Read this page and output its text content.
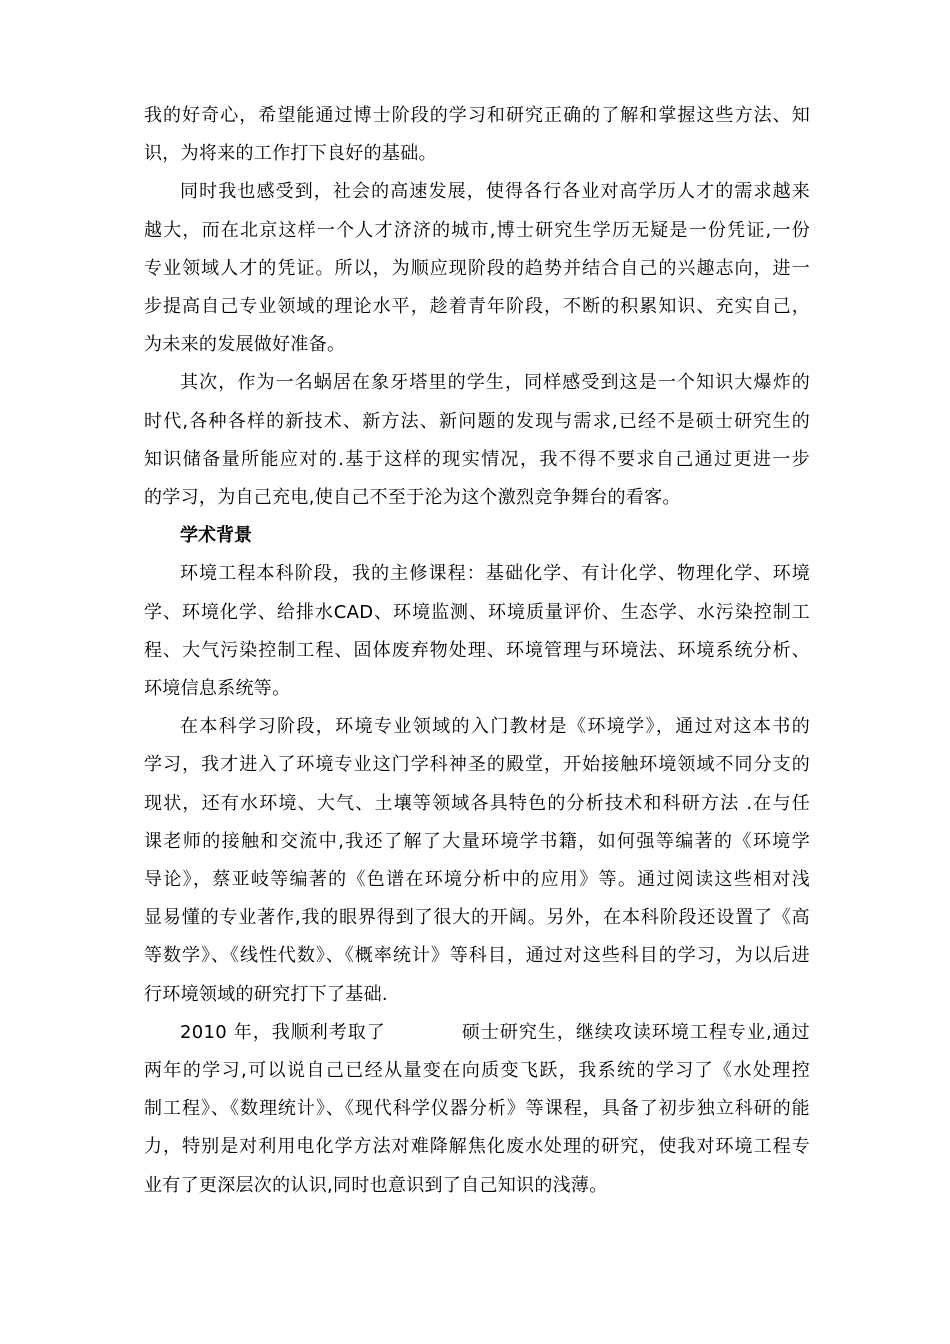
我的好奇心，希望能通过博士阶段的学习和研究正确的了解和掌握这些方法、知
识，为将来的工作打下良好的基础。

同时我也感受到，社会的高速发展，使得各行各业对高学历人才的需求越来
越大，而在北京这样一个人才济济的城市,博士研究生学历无疑是一份凭证,一份
专业领域人才的凭证。所以，为顺应现阶段的趋势并结合自己的兴趣志向，进一
步提高自己专业领域的理论水平，趁着青年阶段，不断的积累知识、充实自己，
为未来的发展做好准备。

其次，作为一名蜗居在象牙塔里的学生，同样感受到这是一个知识大爆炸的
时代,各种各样的新技术、新方法、新问题的发现与需求,已经不是硕士研究生的
知识储备量所能应对的.基于这样的现实情况，我不得不要求自己通过更进一步
的学习，为自己充电,使自己不至于沦为这个激烈竞争舞台的看客。

学术背景

环境工程本科阶段，我的主修课程：基础化学、有计化学、物理化学、环境
学、环境化学、给排水CAD、环境监测、环境质量评价、生态学、水污染控制工
程、大气污染控制工程、固体废弃物处理、环境管理与环境法、环境系统分析、
环境信息系统等。

在本科学习阶段，环境专业领域的入门教材是《环境学》，通过对这本书的
学习，我才进入了环境专业这门学科神圣的殿堂，开始接触环境领域不同分支的
现状，还有水环境、大气、土壤等领域各具特色的分析技术和科研方法 .在与任
课老师的接触和交流中,我还了解了大量环境学书籍，如何强等编著的《环境学
导论》，蔡亚岐等编著的《色谱在环境分析中的应用》等。通过阅读这些相对浅
显易懂的专业著作,我的眼界得到了很大的开阔。另外，在本科阶段还设置了《高
等数学》、《线性代数》、《概率统计》等科目，通过对这些科目的学习，为以后进
行环境领域的研究打下了基础.

2010 年，我顺利考取了　　　　硕士研究生，继续攻读环境工程专业,通过
两年的学习,可以说自己已经从量变在向质变飞跃，我系统的学习了《水处理控
制工程》、《数理统计》、《现代科学仪器分析》等课程，具备了初步独立科研的能
力，特别是对利用电化学方法对难降解焦化废水处理的研究，使我对环境工程专
业有了更深层次的认识,同时也意识到了自己知识的浅薄。
